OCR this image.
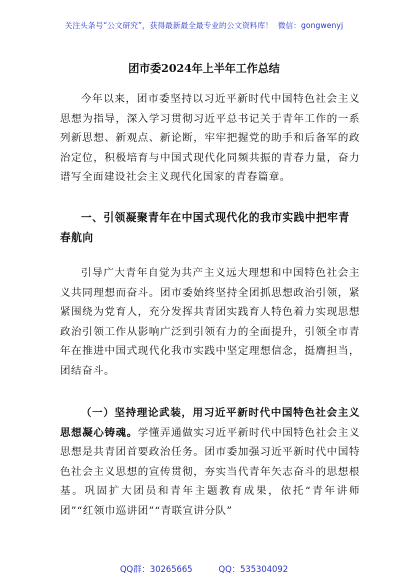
关注头条号“公文研究”，获得最新最全最专业的公文资料库！ 微信：gongwenyj
团市委2024年上半年工作总结
今年以来，团市委坚持以习近平新时代中国特色社会主义思想为指导，深入学习贯彻习近平总书记关于青年工作的一系列新思想、新观点、新论断，牢牢把握党的助手和后备军的政治定位，积极培育与中国式现代化同频共振的青春力量，奋力谱写全面建设社会主义现代化国家的青春篇章。
一、引领凝聚青年在中国式现代化的我市实践中把牢青春航向
引导广大青年自觉为共产主义远大理想和中国特色社会主义共同理想而奋斗。团市委始终坚持全团抓思想政治引领，紧紧围绕为党育人，充分发挥共青团实践育人特色着力实现思想政治引领工作从影响广泛到引领有力的全面提升，引领全市青年在推进中国式现代化我市实践中坚定理想信念，挺膺担当，团结奋斗。
（一）坚持理论武装，用习近平新时代中国特色社会主义思想凝心铸魂。学懂弄通做实习近平新时代中国特色社会主义思想是共青团首要政治任务。团市委加强习近平新时代中国特色社会主义思想的宣传贯彻，夯实当代青年矢志奋斗的思想根基。巩固扩大团员和青年主题教育成果，依托“青年讲师团”“红领巾巡讲团”“青联宣讲分队”
QQ群：30265665	QQ：535304092
